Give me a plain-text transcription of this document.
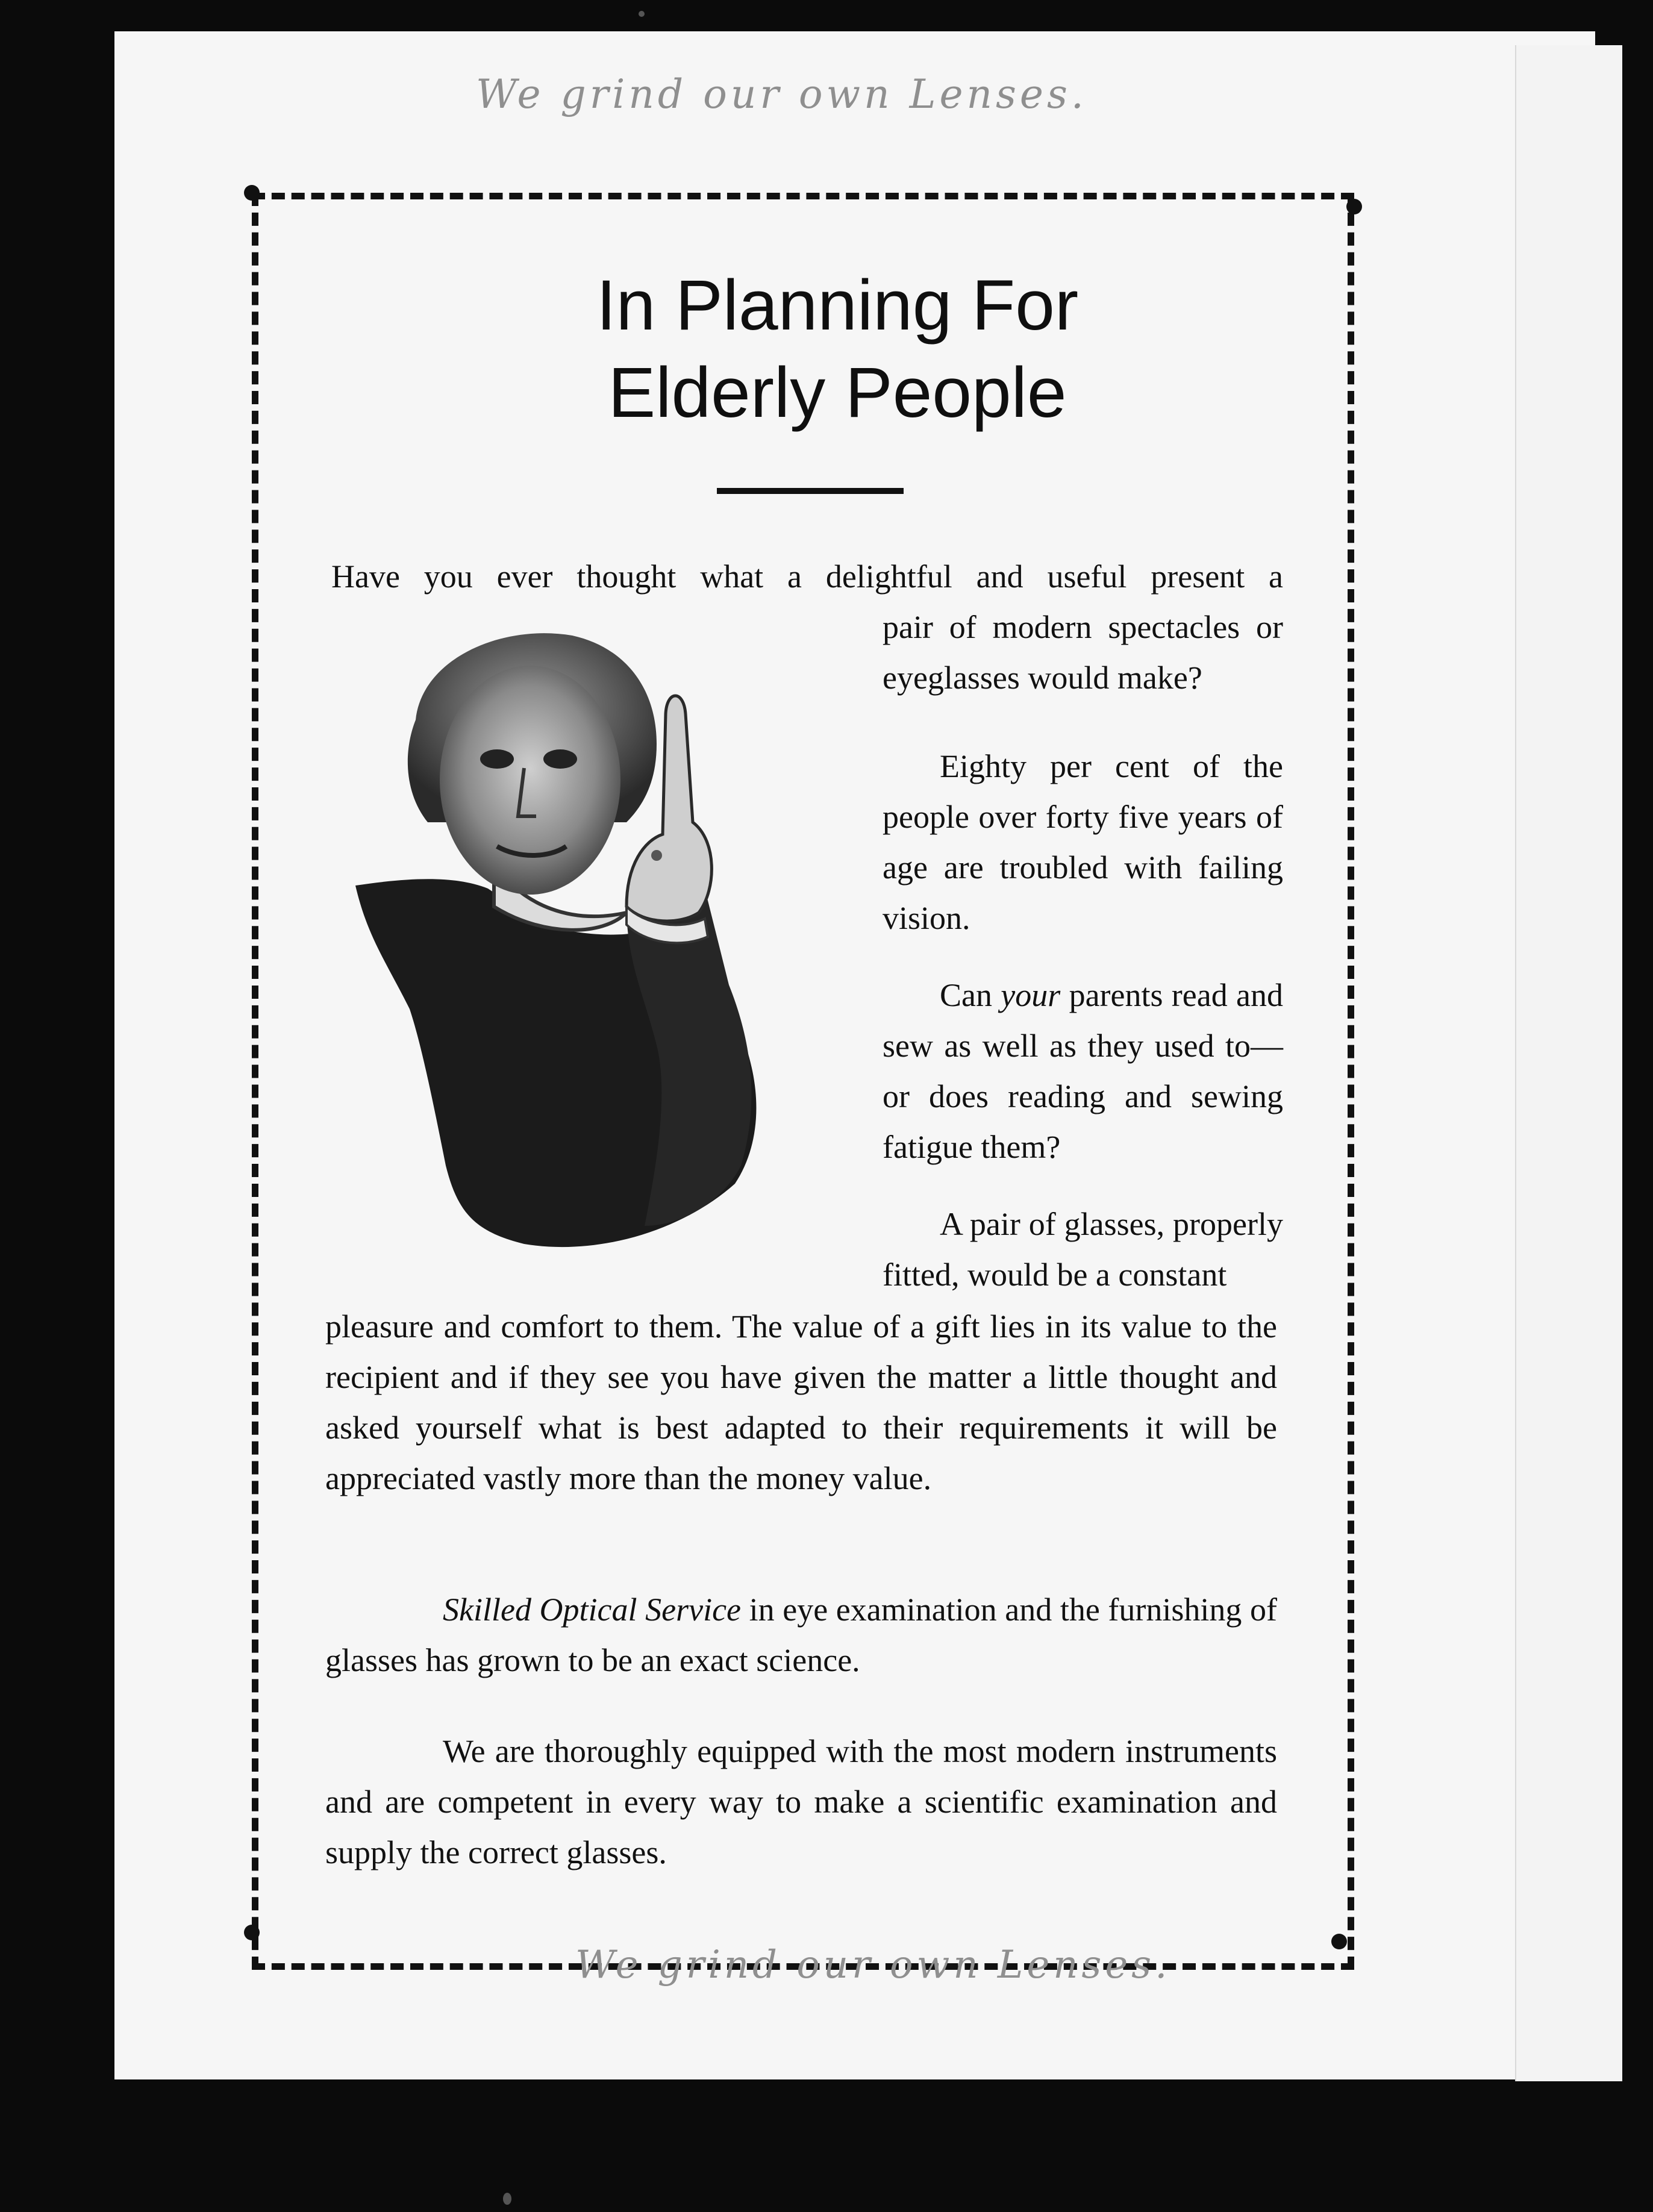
We grind our own Lenses.
In Planning For
Elderly People
Have you ever thought what a delightful and useful present a
pair of modern spectacles or eyeglasses would make?
Eighty per cent of the people over forty five years of age are troubled with failing vision.
Can your parents read and sew as well as they used to—or does reading and sewing fatigue them?
A pair of glasses, properly fitted, would be a constant
pleasure and comfort to them. The value of a gift lies in its value to the recipient and if they see you have given the matter a little thought and asked yourself what is best adapted to their requirements it will be appreciated vastly more than the money value.
Skilled Optical Service in eye examination and the furnishing of glasses has grown to be an exact science.
We are thoroughly equipped with the most modern instruments and are competent in every way to make a scientific examination and supply the correct glasses.
We grind our own Lenses.
